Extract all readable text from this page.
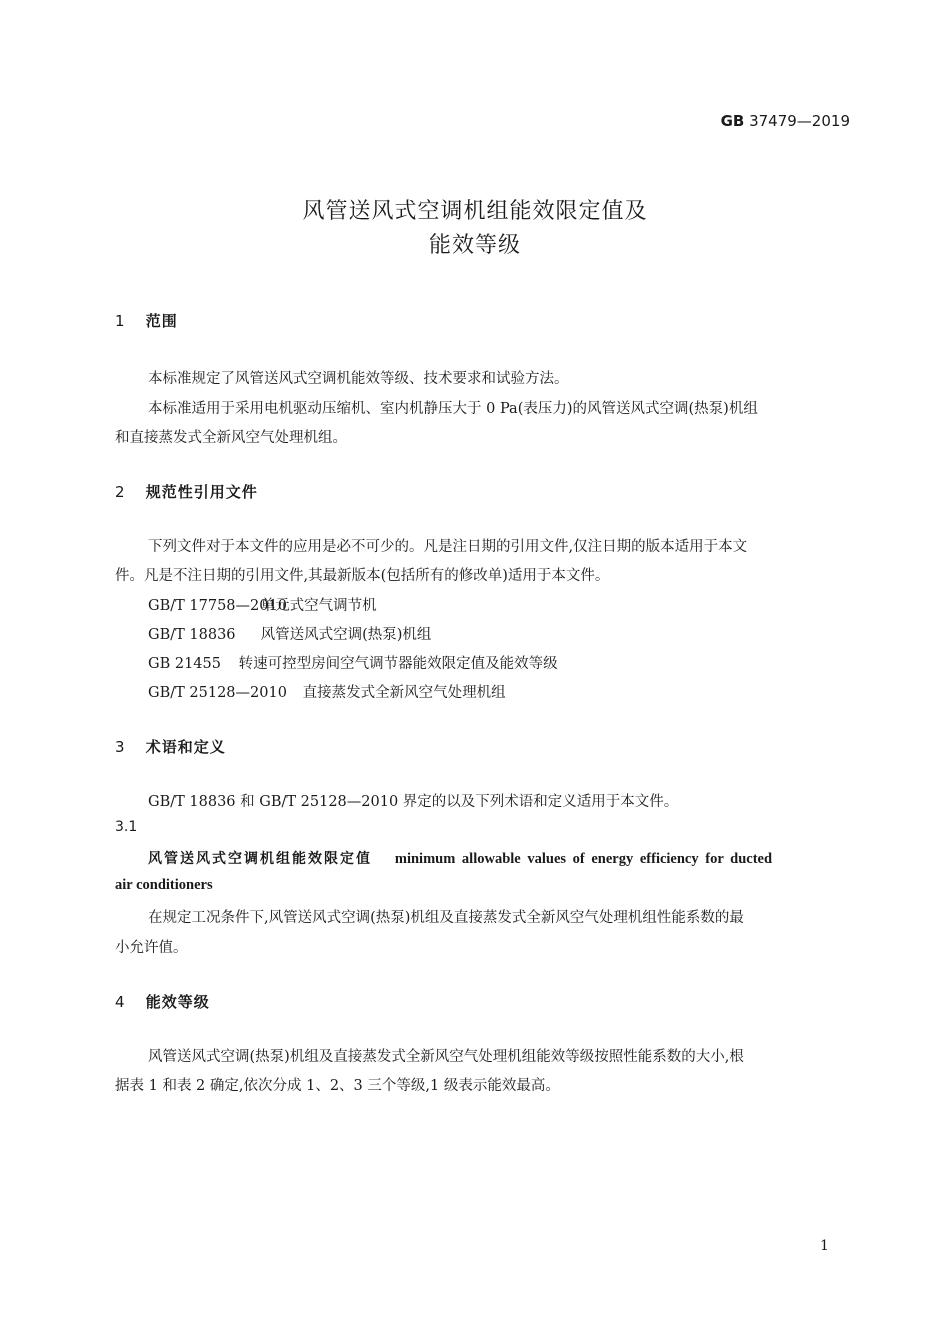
GB 37479—2019
风管送风式空调机组能效限定值及
能效等级
1 范围
本标准规定了风管送风式空调机能效等级、技术要求和试验方法。
本标准适用于采用电机驱动压缩机、室内机静压大于 0 Pa(表压力)的风管送风式空调(热泵)机组
和直接蒸发式全新风空气处理机组。
2 规范性引用文件
下列文件对于本文件的应用是必不可少的。凡是注日期的引用文件,仅注日期的版本适用于本文
件。凡是不注日期的引用文件,其最新版本(包括所有的修改单)适用于本文件。
GB/T 17758—2010 单元式空气调节机
GB/T 18836 风管送风式空调(热泵)机组
GB 21455 转速可控型房间空气调节器能效限定值及能效等级
GB/T 25128—2010 直接蒸发式全新风空气处理机组
3 术语和定义
GB/T 18836 和 GB/T 25128—2010 界定的以及下列术语和定义适用于本文件。
3.1
风管送风式空调机组能效限定值 minimum allowable values of energy efficiency for ducted
air conditioners
在规定工况条件下,风管送风式空调(热泵)机组及直接蒸发式全新风空气处理机组性能系数的最
小允许值。
4 能效等级
风管送风式空调(热泵)机组及直接蒸发式全新风空气处理机组能效等级按照性能系数的大小,根
据表 1 和表 2 确定,依次分成 1、2、3 三个等级,1 级表示能效最高。
1
